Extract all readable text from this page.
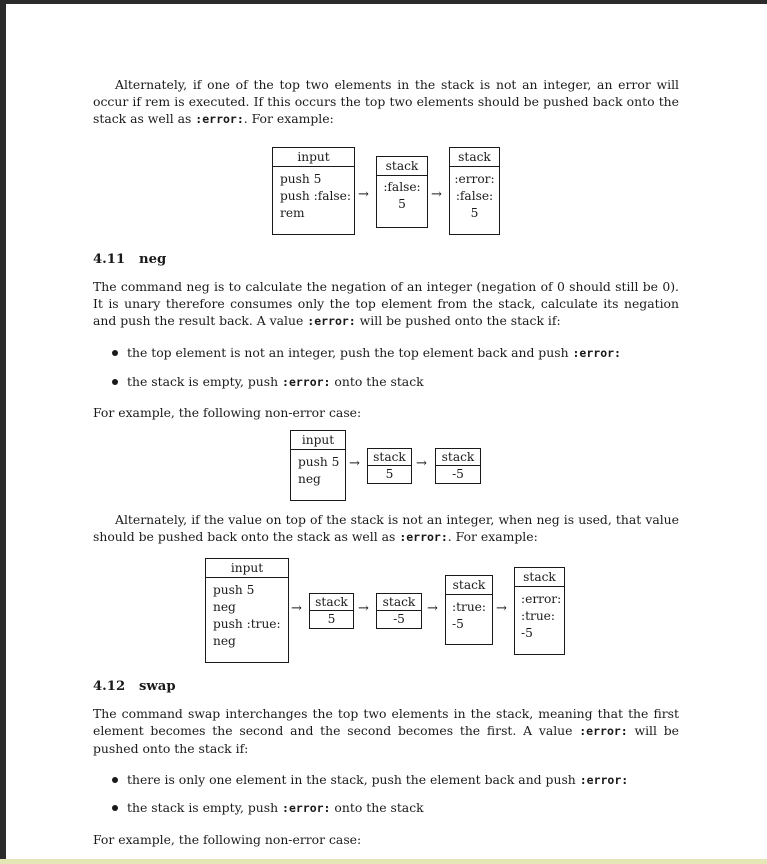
Alternately, if one of the top two elements in the stack is not an integer, an error will occur if rem is executed. If this occurs the top two elements should be pushed back onto the stack as well as :error:. For example:

input
push 5
push :false:
rem
→
stack
:false:
5
→
stack
:error:
:false:
5
4.11 neg

The command neg is to calculate the negation of an integer (negation of 0 should still be 0). It is unary therefore consumes only the top element from the stack, calculate its negation and push the result back. A value :error: will be pushed onto the stack if:

the top element is not an integer, push the top element back and push :error:
the stack is empty, push :error: onto the stack

For example, the following non-error case:

input
push 5
neg
→	stack
5
→	stack
-5

Alternately, if the value on top of the stack is not an integer, when neg is used, that value should be pushed back onto the stack as well as :error:. For example:

input
push 5
neg
push :true:
neg
→	stack
5
→	stack
-5
→
stack
:true:
-5
→
stack
:error:
:true:
-5
4.12 swap

The command swap interchanges the top two elements in the stack, meaning that the first element becomes the second and the second becomes the first. A value :error: will be pushed onto the stack if:

there is only one element in the stack, push the element back and push :error:
the stack is empty, push :error: onto the stack

For example, the following non-error case:
